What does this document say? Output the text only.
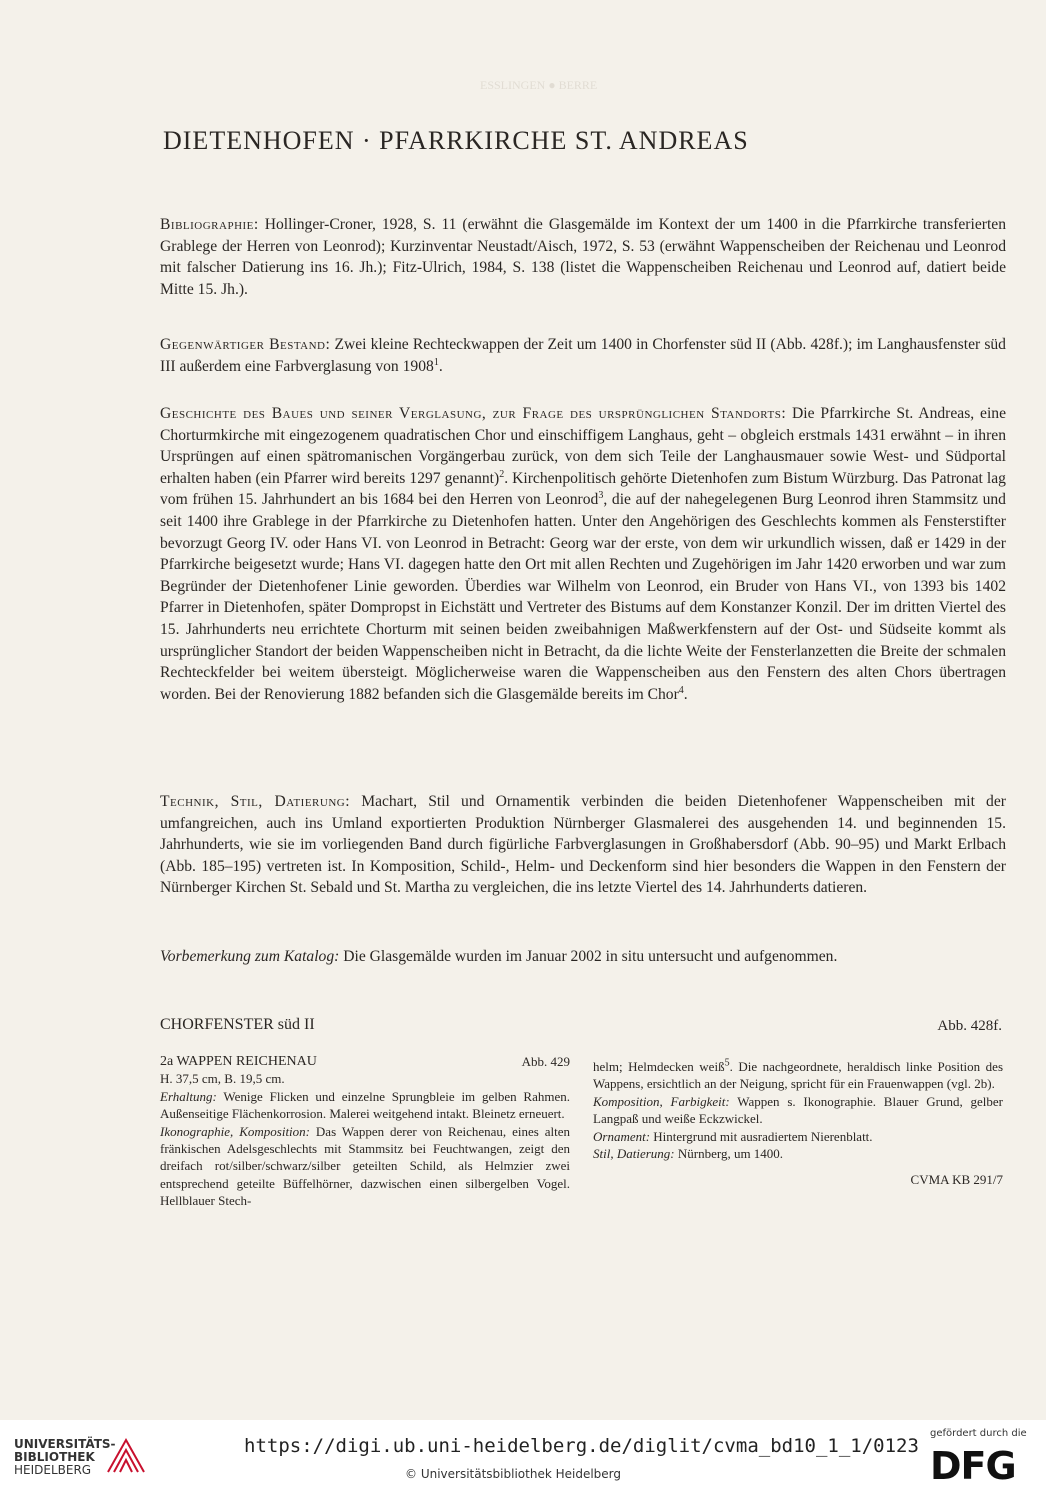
ESSLINGEN ● BERRE
DIETENHOFEN · PFARRKIRCHE ST. ANDREAS
Bibliographie: Hollinger-Croner, 1928, S. 11 (erwähnt die Glasgemälde im Kontext der um 1400 in die Pfarrkirche transferierten Grablege der Herren von Leonrod); Kurzinventar Neustadt/Aisch, 1972, S. 53 (erwähnt Wappenscheiben der Reichenau und Leonrod mit falscher Datierung ins 16. Jh.); Fitz-Ulrich, 1984, S. 138 (listet die Wappenscheiben Reichenau und Leonrod auf, datiert beide Mitte 15. Jh.).
Gegenwärtiger Bestand: Zwei kleine Rechteckwappen der Zeit um 1400 in Chorfenster süd II (Abb. 428f.); im Langhausfenster süd III außerdem eine Farbverglasung von 1908$^1$.
Geschichte des Baues und seiner Verglasung, zur Frage des ursprünglichen Standorts: Die Pfarrkirche St. Andreas, eine Chorturmkirche mit eingezogenem quadratischen Chor und einschiffigem Langhaus, geht – obgleich erstmals 1431 erwähnt – in ihren Ursprüngen auf einen spätromanischen Vorgängerbau zurück, von dem sich Teile der Langhausmauer sowie West- und Südportal erhalten haben (ein Pfarrer wird bereits 1297 genannt)$^2$. Kirchenpolitisch gehörte Dietenhofen zum Bistum Würzburg. Das Patronat lag vom frühen 15. Jahrhundert an bis 1684 bei den Herren von Leonrod$^3$, die auf der nahegelegenen Burg Leonrod ihren Stammsitz und seit 1400 ihre Grablege in der Pfarrkirche zu Dietenhofen hatten. Unter den Angehörigen des Geschlechts kommen als Fensterstifter bevorzugt Georg IV. oder Hans VI. von Leonrod in Betracht: Georg war der erste, von dem wir urkundlich wissen, daß er 1429 in der Pfarrkirche beigesetzt wurde; Hans VI. dagegen hatte den Ort mit allen Rechten und Zugehörigen im Jahr 1420 erworben und war zum Begründer der Dietenhofener Linie geworden. Überdies war Wilhelm von Leonrod, ein Bruder von Hans VI., von 1393 bis 1402 Pfarrer in Dietenhofen, später Dompropst in Eichstätt und Vertreter des Bistums auf dem Konstanzer Konzil. Der im dritten Viertel des 15. Jahrhunderts neu errichtete Chorturm mit seinen beiden zweibahnigen Maßwerkfenstern auf der Ost- und Südseite kommt als ursprünglicher Standort der beiden Wappenscheiben nicht in Betracht, da die lichte Weite der Fensterlanzetten die Breite der schmalen Rechteckfelder bei weitem übersteigt. Möglicherweise waren die Wappenscheiben aus den Fenstern des alten Chors übertragen worden. Bei der Renovierung 1882 befanden sich die Glasgemälde bereits im Chor$^4$.
Technik, Stil, Datierung: Machart, Stil und Ornamentik verbinden die beiden Dietenhofener Wappenscheiben mit der umfangreichen, auch ins Umland exportierten Produktion Nürnberger Glasmalerei des ausgehenden 14. und beginnenden 15. Jahrhunderts, wie sie im vorliegenden Band durch figürliche Farbverglasungen in Großhabersdorf (Abb. 90–95) und Markt Erlbach (Abb. 185–195) vertreten ist. In Komposition, Schild-, Helm- und Deckenform sind hier besonders die Wappen in den Fenstern der Nürnberger Kirchen St. Sebald und St. Martha zu vergleichen, die ins letzte Viertel des 14. Jahrhunderts datieren.
Vorbemerkung zum Katalog: Die Glasgemälde wurden im Januar 2002 in situ untersucht und aufgenommen.
CHORFENSTER süd II	Abb. 428f.
2a WAPPEN REICHENAU	Abb. 429

H. 37,5 cm, B. 19,5 cm.

Erhaltung: Wenige Flicken und einzelne Sprungbleie im gelben Rahmen. Außenseitige Flächenkorrosion. Malerei weitgehend intakt. Bleinetz erneuert.

Ikonographie, Komposition: Das Wappen derer von Reichenau, eines alten fränkischen Adelsgeschlechts mit Stammsitz bei Feuchtwangen, zeigt den dreifach rot/silber/schwarz/silber geteilten Schild, als Helmzier zwei entsprechend geteilte Büffelhörner, dazwischen einen silbergelben Vogel. Hellblauer Stech-

helm; Helmdecken weiß$^5$. Die nachgeordnete, heraldisch linke Position des Wappens, ersichtlich an der Neigung, spricht für ein Frauenwappen (vgl. 2b).

Komposition, Farbigkeit: Wappen s. Ikonographie. Blauer Grund, gelber Langpaß und weiße Eckzwickel.

Ornament: Hintergrund mit ausradiertem Nierenblatt.

Stil, Datierung: Nürnberg, um 1400.

CVMA KB 291/7

UNIVERSITÄTS-
BIBLIOTHEK
HEIDELBERG
https://digi.ub.uni-heidelberg.de/diglit/cvma_bd10_1_1/0123
© Universitätsbibliothek Heidelberg
gefördert durch die
DFG
